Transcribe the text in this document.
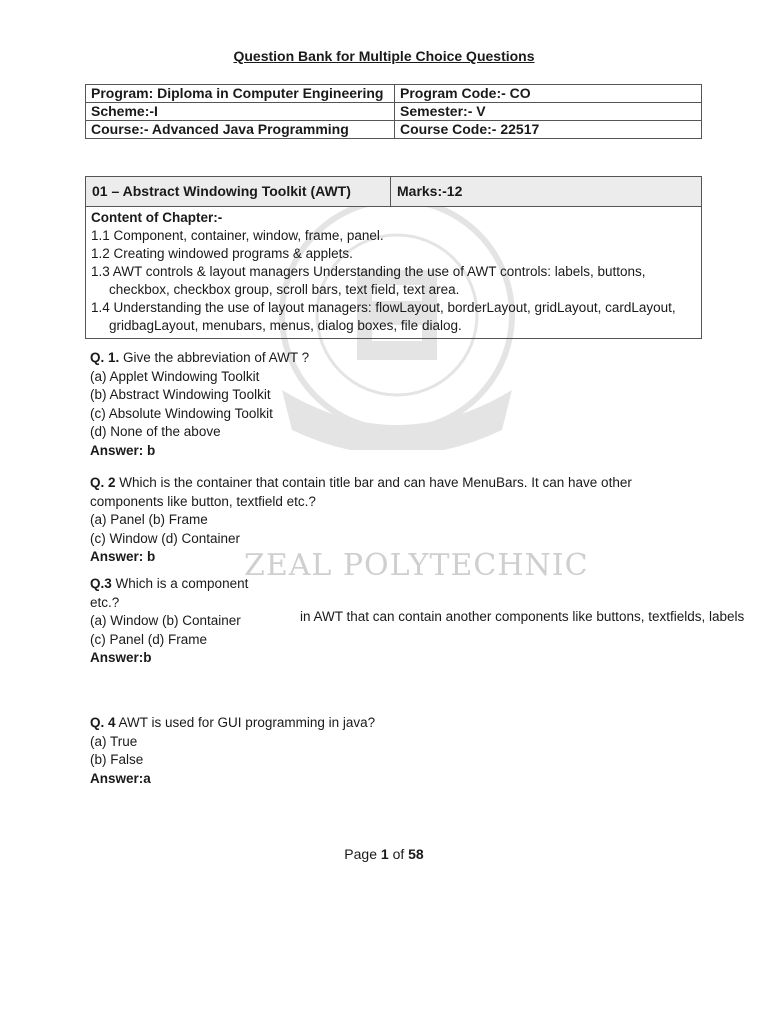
ZEAL POLYTECHNIC
Question Bank for Multiple Choice Questions
Program: Diploma in Computer Engineering	Program Code:- CO
Scheme:-I	Semester:- V
Course:- Advanced Java Programming	Course Code:- 22517
01 – Abstract Windowing Toolkit (AWT)	Marks:-12
Content of Chapter:-
1.1 Component, container, window, frame, panel.
1.2 Creating windowed programs & applets.
1.3 AWT controls & layout managers Understanding the use of AWT controls: labels, buttons, checkbox, checkbox group, scroll bars, text field, text area.
1.4 Understanding the use of layout managers: flowLayout, borderLayout, gridLayout, cardLayout, gridbagLayout, menubars, menus, dialog boxes, file dialog.
Q. 1. Give the abbreviation of AWT ?
(a) Applet Windowing Toolkit
(b) Abstract Windowing Toolkit
(c) Absolute Windowing Toolkit
(d) None of the above
Answer: b
Q. 2 Which is the container that contain title bar and can have MenuBars. It can have other components like button, textfield etc.?
(a) Panel (b) Frame
(c) Window (d) Container
Answer: b
Q.3 Which is a component
etc.?
(a) Window (b) Container
(c) Panel (d) Frame
Answer:b
in AWT that can contain another components like buttons, textfields, labels
Q. 4 AWT is used for GUI programming in java?
(a) True
(b) False
Answer:a
Page 1 of 58
